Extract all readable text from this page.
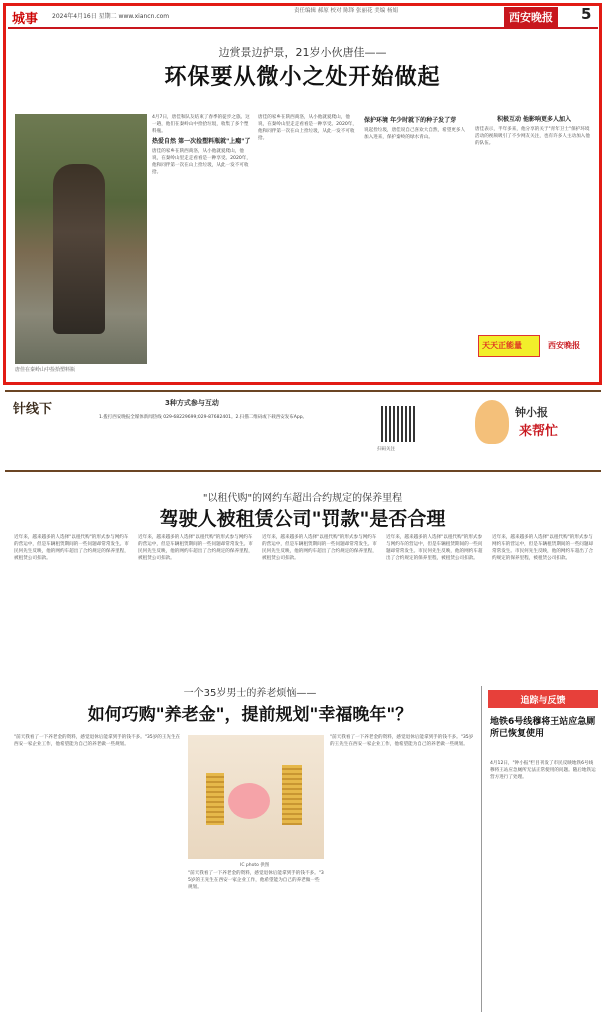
城事 2024年4月16日 星期二 www.xiancn.com
责任编辑 郝原 校对 陈锋 张丽花 美编 杨娟	西安晚报	5
边赏景边护景，21岁小伙唐佳——
环保要从微小之处开始做起
唐佳在秦岭山中捡拾塑料瓶
4月7日，唐佳和队友结束了春季的徒步之旅。这一趟，他们在秦岭山中捡拾垃圾，收集了多个塑料瓶。
热爱自然 第一次捡塑料瓶就"上瘾"了
唐佳的家乡在陕西商洛，从小他就爱爬山，他说，在秦岭山里走走看看是一种享受。2020年，他和同伴第一次在山上捡垃圾，从此一发不可收拾。
唐佳的家乡在陕西商洛，从小他就爱爬山，他说，在秦岭山里走走看看是一种享受。2020年，他和同伴第一次在山上捡垃圾，从此一发不可收拾。
保护环境 年少时就下的种子发了芽
说起捡垃圾，唐佳说自己喜欢大自然，希望更多人加入进来，保护秦岭的绿水青山。
积极互动 他影响更多人加入
唐佳表示，半年多来，他分享的关于"青年卫士"保护环境活动的视频吸引了不少网友关注，也有许多人主动加入他的队伍。
天天正能量	西安晚报
针线下	3种方式参与互动
1.拨打西安晚报全媒体新闻热线 029-68229699;029-87682401。2.扫描二维码或下载西安发布App。
扫码关注
钟小报
来帮忙
"以租代购"的网约车超出合约规定的保养里程
驾驶人被租赁公司"罚款"是否合理
近年来，越来越多的人选择"以租代购"的形式参与网约车的营运中，但是车辆租赁期间的一些问题却常常发生。市民何先生反映，他的网约车超出了合约规定的保养里程，被租赁公司扣款。
近年来，越来越多的人选择"以租代购"的形式参与网约车的营运中，但是车辆租赁期间的一些问题却常常发生。市民何先生反映，他的网约车超出了合约规定的保养里程，被租赁公司扣款。
近年来，越来越多的人选择"以租代购"的形式参与网约车的营运中，但是车辆租赁期间的一些问题却常常发生。市民何先生反映，他的网约车超出了合约规定的保养里程，被租赁公司扣款。
近年来，越来越多的人选择"以租代购"的形式参与网约车的营运中，但是车辆租赁期间的一些问题却常常发生。市民何先生反映，他的网约车超出了合约规定的保养里程，被租赁公司扣款。
近年来，越来越多的人选择"以租代购"的形式参与网约车的营运中，但是车辆租赁期间的一些问题却常常发生。市民何先生反映，他的网约车超出了合约规定的保养里程，被租赁公司扣款。
一个35岁男士的养老烦恼——
如何巧购"养老金"，提前规划"幸福晚年"？
"前天我看了一下养老金的资料，感觉退休后能拿到手的钱不多。"35岁的王先生在西安一家企业工作，他希望能为自己的养老做一些规划。
IC photo 供图
"前天我看了一下养老金的资料，感觉退休后能拿到手的钱不多。"35岁的王先生在西安一家企业工作，他希望能为自己的养老做一些规划。
"前天我看了一下养老金的资料，感觉退休后能拿到手的钱不多。"35岁的王先生在西安一家企业工作，他希望能为自己的养老做一些规划。
追踪与反馈
地铁6号线穆将王站应急厕所已恢复使用
4月12日，"钟小报"栏目刊发了市民反映地铁6号线穆将王站应急厕所无法正常使用的问题。随后地铁运营方进行了处理。
